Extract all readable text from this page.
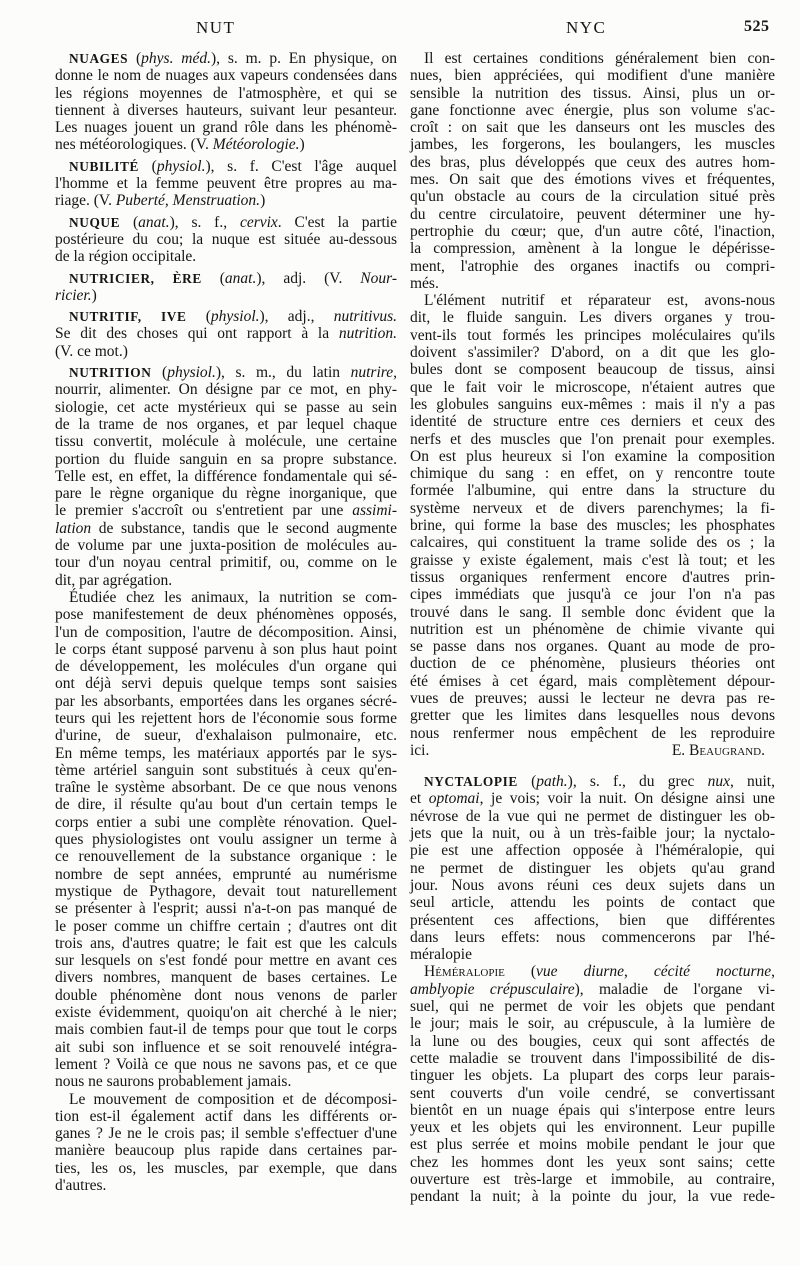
NUT	NYC	525
NUAGES (phys. méd.), s. m. p. En physique, on
donne le nom de nuages aux vapeurs condensées dans
les régions moyennes de l'atmosphère, et qui se
tiennent à diverses hauteurs, suivant leur pesanteur.
Les nuages jouent un grand rôle dans les phénomè-
nes météorologiques. (V. Météorologie.)
NUBILITÉ (physiol.), s. f. C'est l'âge auquel
l'homme et la femme peuvent être propres au ma-
riage. (V. Puberté, Menstruation.)
NUQUE (anat.), s. f., cervix. C'est la partie
postérieure du cou; la nuque est située au-dessous
de la région occipitale.
NUTRICIER, ÈRE (anat.), adj. (V. Nour-
ricier.)
NUTRITIF, IVE (physiol.), adj., nutritivus.
Se dit des choses qui ont rapport à la nutrition.
(V. ce mot.)
NUTRITION (physiol.), s. m., du latin nutrire,
nourrir, alimenter. On désigne par ce mot, en phy-
siologie, cet acte mystérieux qui se passe au sein
de la trame de nos organes, et par lequel chaque
tissu convertit, molécule à molécule, une certaine
portion du fluide sanguin en sa propre substance.
Telle est, en effet, la différence fondamentale qui sé-
pare le règne organique du règne inorganique, que
le premier s'accroît ou s'entretient par une assimi-
lation de substance, tandis que le second augmente
de volume par une juxta-position de molécules au-
tour d'un noyau central primitif, ou, comme on le
dit, par agrégation.
Étudiée chez les animaux, la nutrition se com-
pose manifestement de deux phénomènes opposés,
l'un de composition, l'autre de décomposition. Ainsi,
le corps étant supposé parvenu à son plus haut point
de développement, les molécules d'un organe qui
ont déjà servi depuis quelque temps sont saisies
par les absorbants, emportées dans les organes sécré-
teurs qui les rejettent hors de l'économie sous forme
d'urine, de sueur, d'exhalaison pulmonaire, etc.
En même temps, les matériaux apportés par le sys-
tème artériel sanguin sont substitués à ceux qu'en-
traîne le système absorbant. De ce que nous venons
de dire, il résulte qu'au bout d'un certain temps le
corps entier a subi une complète rénovation. Quel-
ques physiologistes ont voulu assigner un terme à
ce renouvellement de la substance organique : le
nombre de sept années, emprunté au numérisme
mystique de Pythagore, devait tout naturellement
se présenter à l'esprit; aussi n'a-t-on pas manqué de
le poser comme un chiffre certain ; d'autres ont dit
trois ans, d'autres quatre; le fait est que les calculs
sur lesquels on s'est fondé pour mettre en avant ces
divers nombres, manquent de bases certaines. Le
double phénomène dont nous venons de parler
existe évidemment, quoiqu'on ait cherché à le nier;
mais combien faut-il de temps pour que tout le corps
ait subi son influence et se soit renouvelé intégra-
lement ? Voilà ce que nous ne savons pas, et ce que
nous ne saurons probablement jamais.
Le mouvement de composition et de décomposi-
tion est-il également actif dans les différents or-
ganes ? Je ne le crois pas; il semble s'effectuer d'une
manière beaucoup plus rapide dans certaines par-
ties, les os, les muscles, par exemple, que dans
d'autres.
Il est certaines conditions généralement bien con-
nues, bien appréciées, qui modifient d'une manière
sensible la nutrition des tissus. Ainsi, plus un or-
gane fonctionne avec énergie, plus son volume s'ac-
croît : on sait que les danseurs ont les muscles des
jambes, les forgerons, les boulangers, les muscles
des bras, plus développés que ceux des autres hom-
mes. On sait que des émotions vives et fréquentes,
qu'un obstacle au cours de la circulation situé près
du centre circulatoire, peuvent déterminer une hy-
pertrophie du cœur; que, d'un autre côté, l'inaction,
la compression, amènent à la longue le dépérisse-
ment, l'atrophie des organes inactifs ou compri-
més.
L'élément nutritif et réparateur est, avons-nous
dit, le fluide sanguin. Les divers organes y trou-
vent-ils tout formés les principes moléculaires qu'ils
doivent s'assimiler? D'abord, on a dit que les glo-
bules dont se composent beaucoup de tissus, ainsi
que le fait voir le microscope, n'étaient autres que
les globules sanguins eux-mêmes : mais il n'y a pas
identité de structure entre ces derniers et ceux des
nerfs et des muscles que l'on prenait pour exemples.
On est plus heureux si l'on examine la composition
chimique du sang : en effet, on y rencontre toute
formée l'albumine, qui entre dans la structure du
système nerveux et de divers parenchymes; la fi-
brine, qui forme la base des muscles; les phosphates
calcaires, qui constituent la trame solide des os ; la
graisse y existe également, mais c'est là tout; et les
tissus organiques renferment encore d'autres prin-
cipes immédiats que jusqu'à ce jour l'on n'a pas
trouvé dans le sang. Il semble donc évident que la
nutrition est un phénomène de chimie vivante qui
se passe dans nos organes. Quant au mode de pro-
duction de ce phénomène, plusieurs théories ont
été émises à cet égard, mais complètement dépour-
vues de preuves; aussi le lecteur ne devra pas re-
gretter que les limites dans lesquelles nous devons
nous renfermer nous empêchent de les reproduire
ici.	E. Beaugrand.
NYCTALOPIE (path.), s. f., du grec nux, nuit,
et optomai, je vois; voir la nuit. On désigne ainsi une
névrose de la vue qui ne permet de distinguer les ob-
jets que la nuit, ou à un très-faible jour; la nyctalo-
pie est une affection opposée à l'héméralopie, qui
ne permet de distinguer les objets qu'au grand
jour. Nous avons réuni ces deux sujets dans un
seul article, attendu les points de contact que
présentent ces affections, bien que différentes
dans leurs effets: nous commencerons par l'hé-
méralopie
Héméralopie (vue diurne, cécité nocturne,
amblyopie crépusculaire), maladie de l'organe vi-
suel, qui ne permet de voir les objets que pendant
le jour; mais le soir, au crépuscule, à la lumière de
la lune ou des bougies, ceux qui sont affectés de
cette maladie se trouvent dans l'impossibilité de dis-
tinguer les objets. La plupart des corps leur parais-
sent couverts d'un voile cendré, se convertissant
bientôt en un nuage épais qui s'interpose entre leurs
yeux et les objets qui les environnent. Leur pupille
est plus serrée et moins mobile pendant le jour que
chez les hommes dont les yeux sont sains; cette
ouverture est très-large et immobile, au contraire,
pendant la nuit; à la pointe du jour, la vue rede-
